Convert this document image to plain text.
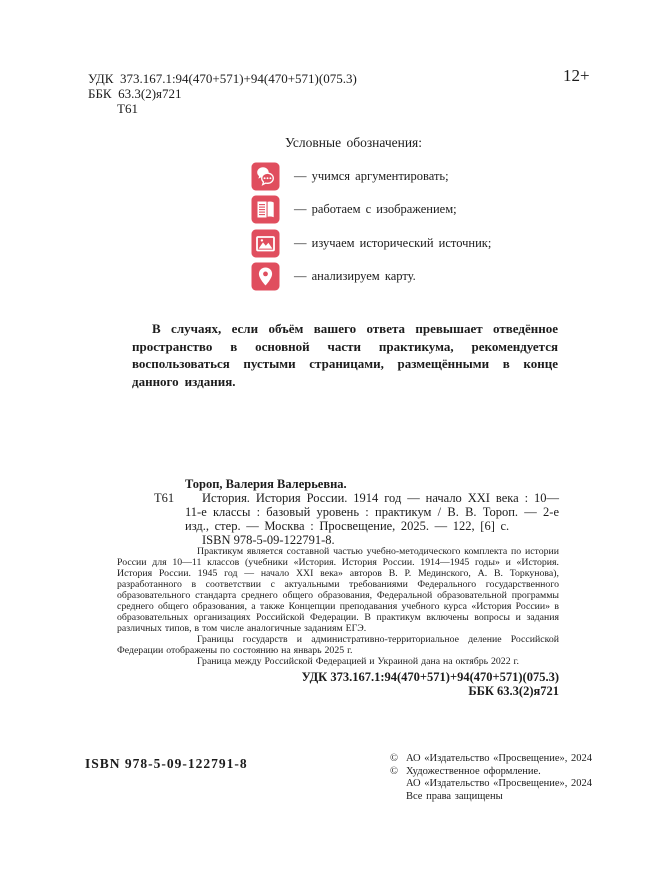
УДК 373.167.1:94(470+571)+94(470+571)(075.3)
ББК 63.3(2)я721
Т61
12+
Условные обозначения:
— учимся аргументировать;
— работаем с изображением;
— изучаем исторический источник;
— анализируем карту.

В случаях, если объём вашего ответа превышает отведённое пространство в основной части практикума, рекомендуется воспользоваться пустыми страницами, размещёнными в конце данного издания.

Тороп, Валерия Валерьевна.
Т61	История. История России. 1914 год — начало XXI века : 10—11-е классы : базовый уровень : практикум / В. В. Тороп. — 2-е изд., стер. — Москва : Просвещение, 2025. — 122, [6] с.

ISBN 978-5-09-122791-8.

Практикум является составной частью учебно-методического комплекта по истории России для 10—11 классов (учебники «История. История России. 1914—1945 годы» и «История. История России. 1945 год — начало XXI века» авторов В. Р. Мединского, А. В. Торкунова), разработанного в соответствии с актуальными требованиями Федерального государственного образовательного стандарта среднего общего образования, Федеральной образовательной программы среднего общего образования, а также Концепции преподавания учебного курса «История России» в образовательных организациях Российской Федерации. В практикум включены вопросы и задания различных типов, в том числе аналогичные заданиям ЕГЭ.

Границы государств и административно-территориальное деление Российской Федерации отображены по состоянию на январь 2025 г.

Граница между Российской Федерацией и Украиной дана на октябрь 2022 г.

УДК 373.167.1:94(470+571)+94(470+571)(075.3)
ББК 63.3(2)я721
ISBN 978-5-09-122791-8	© АО «Издательство «Просвещение», 2024
© Художественное оформление.
АО «Издательство «Просвещение», 2024
Все права защищены
